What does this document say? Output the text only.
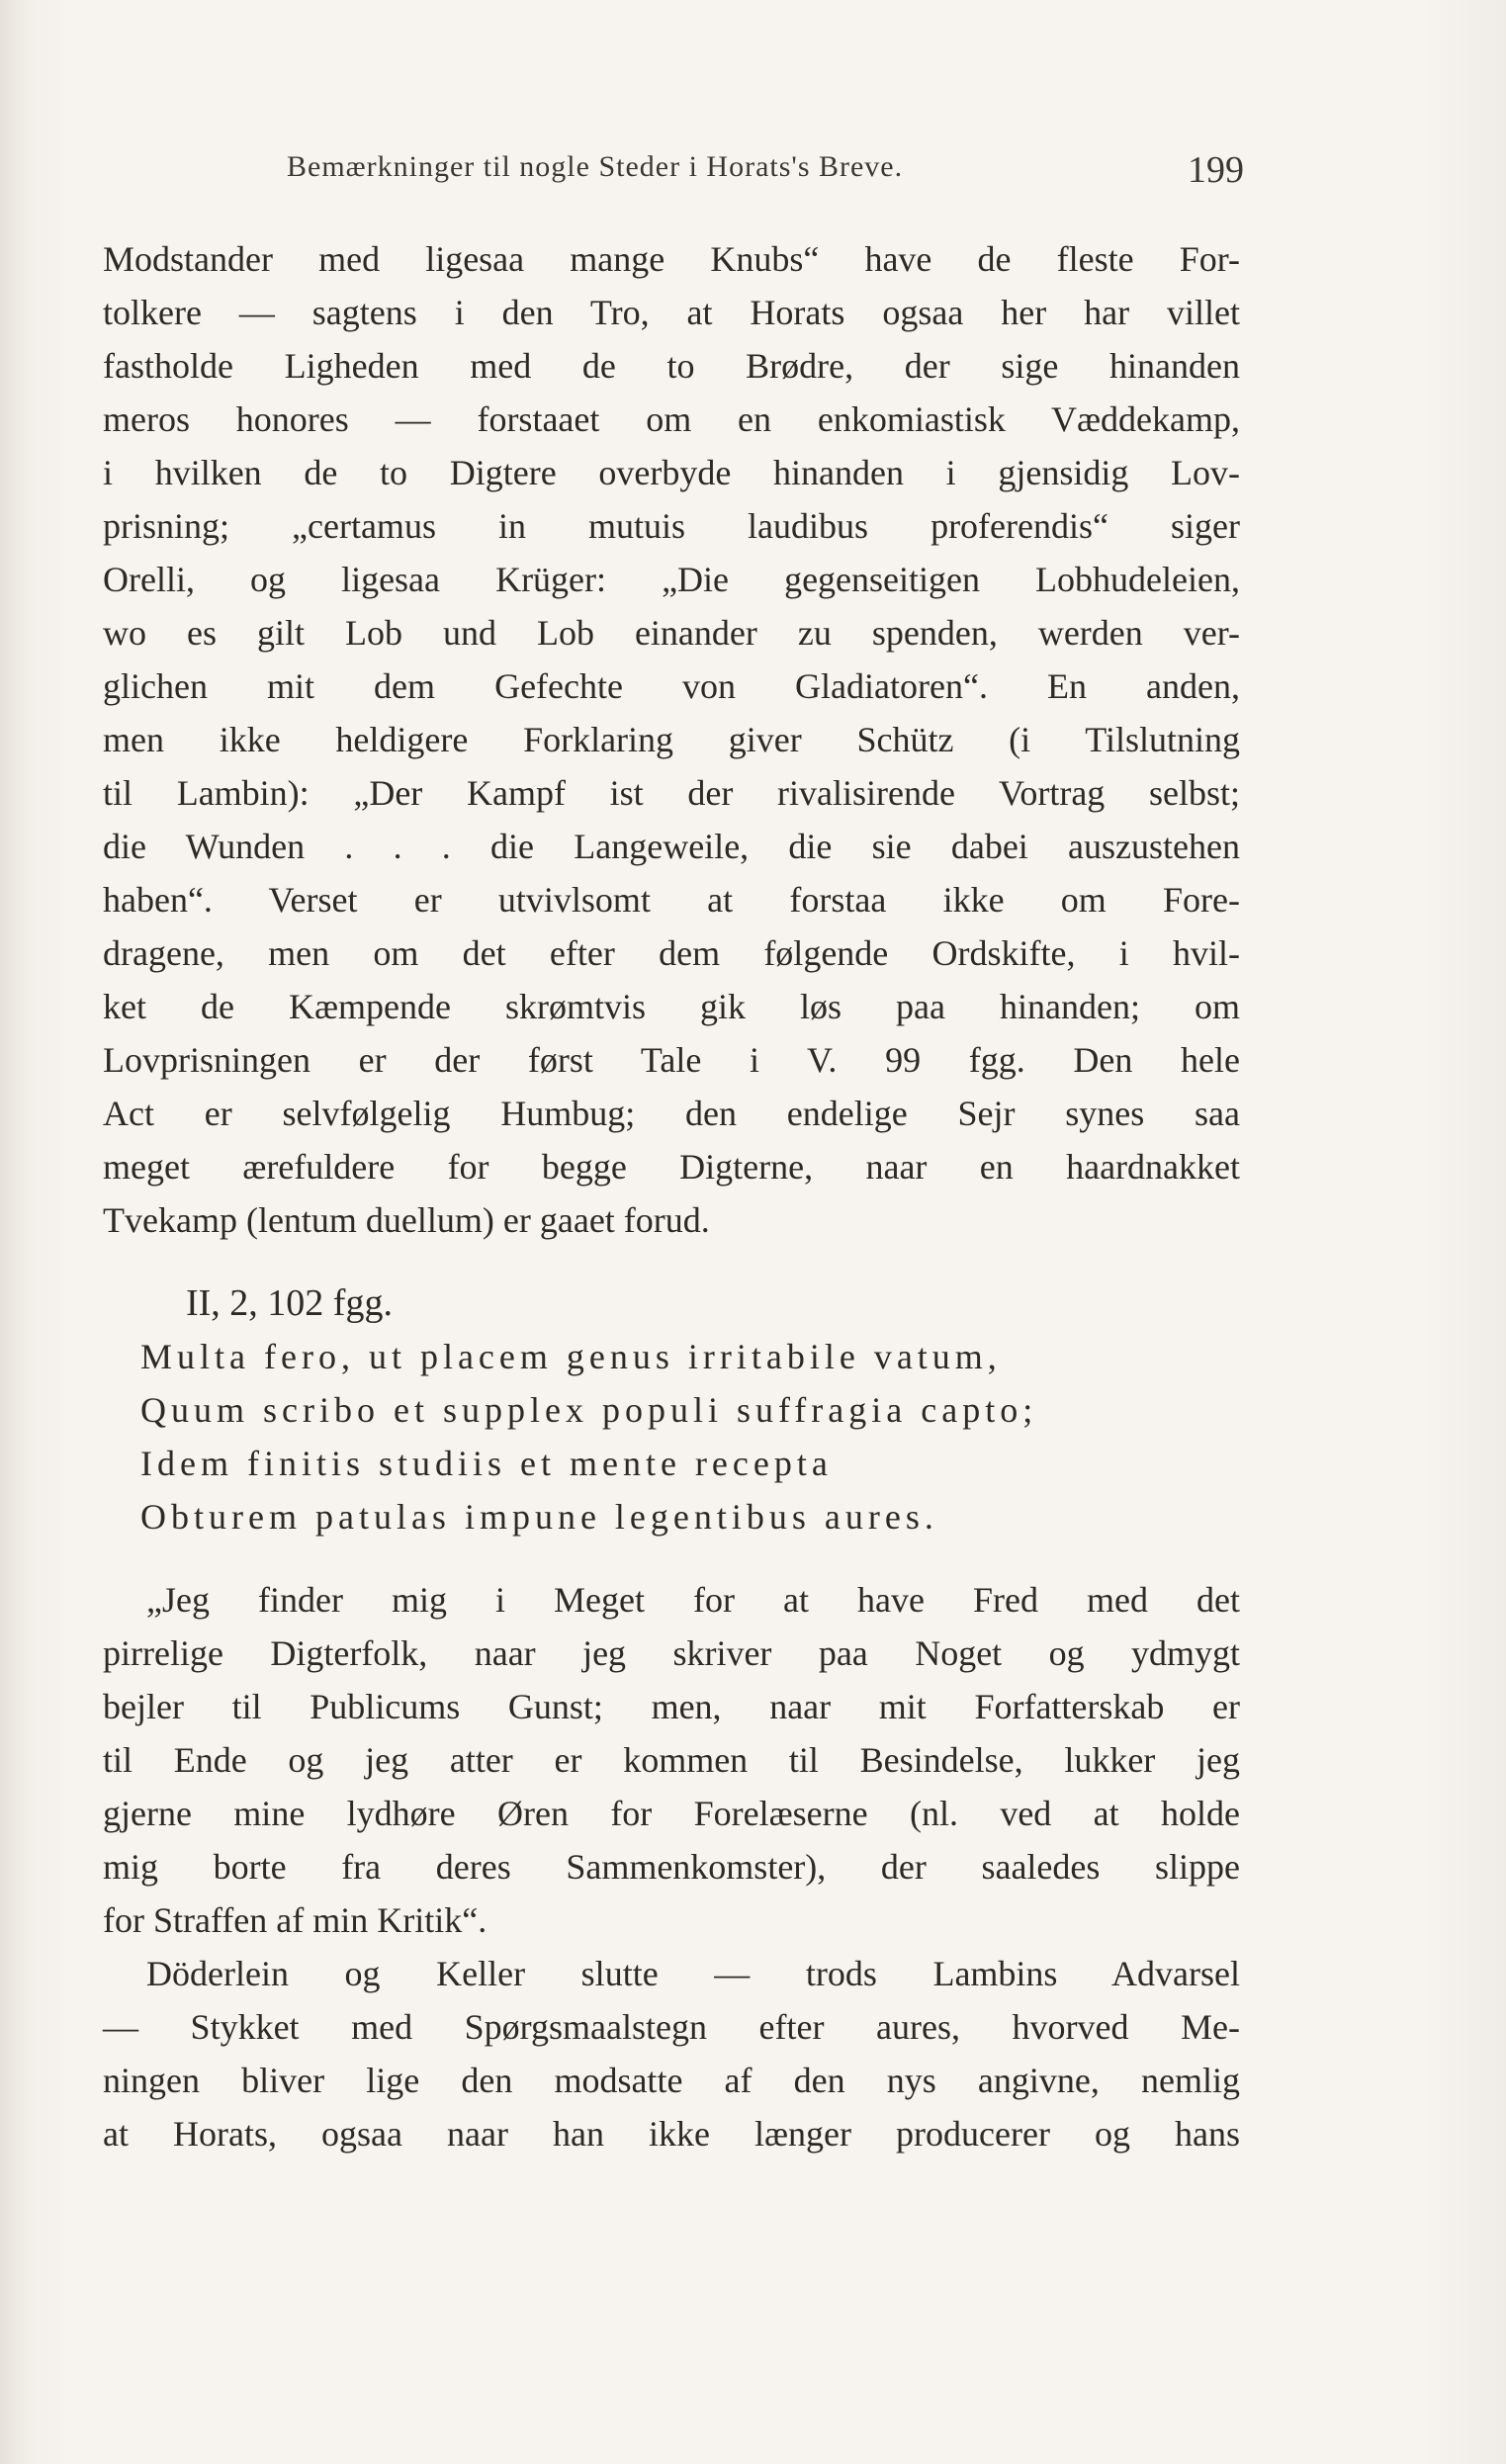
Bemærkninger til nogle Steder i Horats's Breve.	199
Modstander med ligesaa mange Knubs“ have de fleste For-
tolkere — sagtens i den Tro, at Horats ogsaa her har villet
fastholde Ligheden med de to Brødre, der sige hinanden
meros honores — forstaaet om en enkomiastisk Væddekamp,
i hvilken de to Digtere overbyde hinanden i gjensidig Lov-
prisning; „certamus in mutuis laudibus proferendis“ siger
Orelli, og ligesaa Krüger: „Die gegenseitigen Lobhudeleien,
wo es gilt Lob und Lob einander zu spenden, werden ver-
glichen mit dem Gefechte von Gladiatoren“. En anden,
men ikke heldigere Forklaring giver Schütz (i Tilslutning
til Lambin): „Der Kampf ist der rivalisirende Vortrag selbst;
die Wunden . . . die Langeweile, die sie dabei auszustehen
haben“. Verset er utvivlsomt at forstaa ikke om Fore-
dragene, men om det efter dem følgende Ordskifte, i hvil-
ket de Kæmpende skrømtvis gik løs paa hinanden; om
Lovprisningen er der først Tale i V. 99 fgg. Den hele
Act er selvfølgelig Humbug; den endelige Sejr synes saa
meget ærefuldere for begge Digterne, naar en haardnakket
Tvekamp (lentum duellum) er gaaet forud.
II, 2, 102 fgg.
Multa fero, ut placem genus irritabile vatum,
Quum scribo et supplex populi suffragia capto;
Idem finitis studiis et mente recepta
Obturem patulas impune legentibus aures.
„Jeg finder mig i Meget for at have Fred med det
pirrelige Digterfolk, naar jeg skriver paa Noget og ydmygt
bejler til Publicums Gunst; men, naar mit Forfatterskab er
til Ende og jeg atter er kommen til Besindelse, lukker jeg
gjerne mine lydhøre Øren for Forelæserne (nl. ved at holde
mig borte fra deres Sammenkomster), der saaledes slippe
for Straffen af min Kritik“.
Döderlein og Keller slutte — trods Lambins Advarsel
— Stykket med Spørgsmaalstegn efter aures, hvorved Me-
ningen bliver lige den modsatte af den nys angivne, nemlig
at Horats, ogsaa naar han ikke længer producerer og hans
